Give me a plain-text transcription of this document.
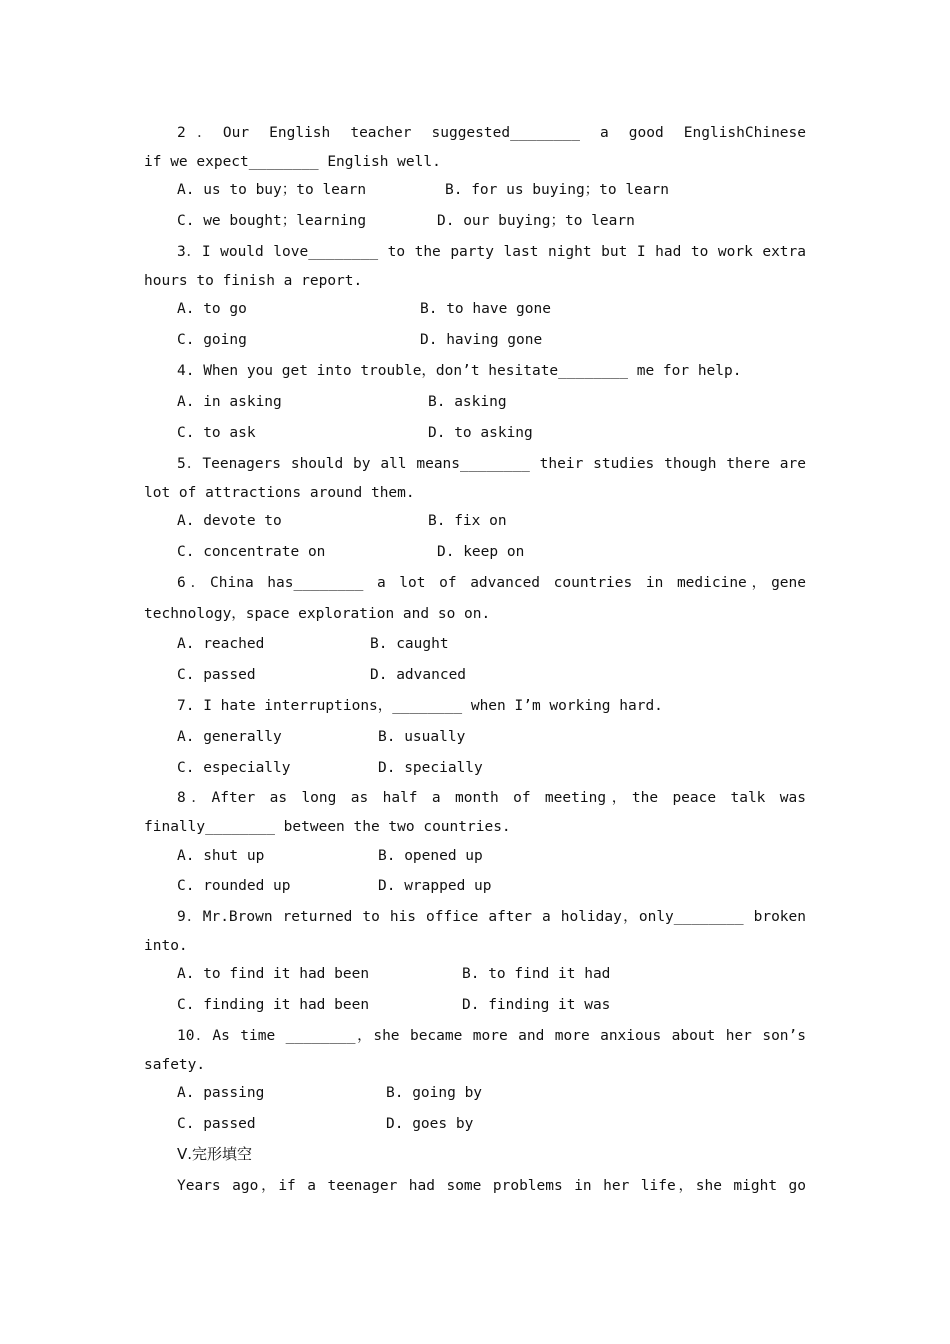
2．Our English teacher suggested________ a good EnglishChinese
if we expect________ English well.

A. us to buy；to learn

	B. for us buying；to learn

C. we bought；learning

	D. our buying；to learn

3．I would love________ to the party last night but I had to work extra
hours to finish a report.

A. to go

	B. to have gone

C. going

	D. having gone

4. When you get into trouble，don’t hesitate________ me for help.

A. in asking

	B. asking

C. to ask

	D. to asking

5．Teenagers should by all means________ their studies though there are
lot of attractions around them.

A. devote to

	B. fix on

C. concentrate on

	D. keep on

6．China has________ a lot of advanced countries in medicine，gene
technology，space exploration and so on.

A. reached

	B. caught

C. passed

	D. advanced

7. I hate interruptions，________ when I’m working hard.

A. generally

	B. usually

C. especially

	D. specially

8．After as long as half a month of meeting，the peace talk was
finally________ between the two countries.

A. shut up

	B. opened up

C. rounded up

	D. wrapped up

9．Mr.Brown returned to his office after a holiday，only________ broken
into.

A. to find it had been

	B. to find it had

C. finding it had been

	D. finding it was

10．As time ________，she became more and more anxious about her son’s
safety.

A. passing

	B. going by

C. passed

	D. goes by

Ⅴ.完形填空
Years ago，if a teenager had some problems in her life，she might go
